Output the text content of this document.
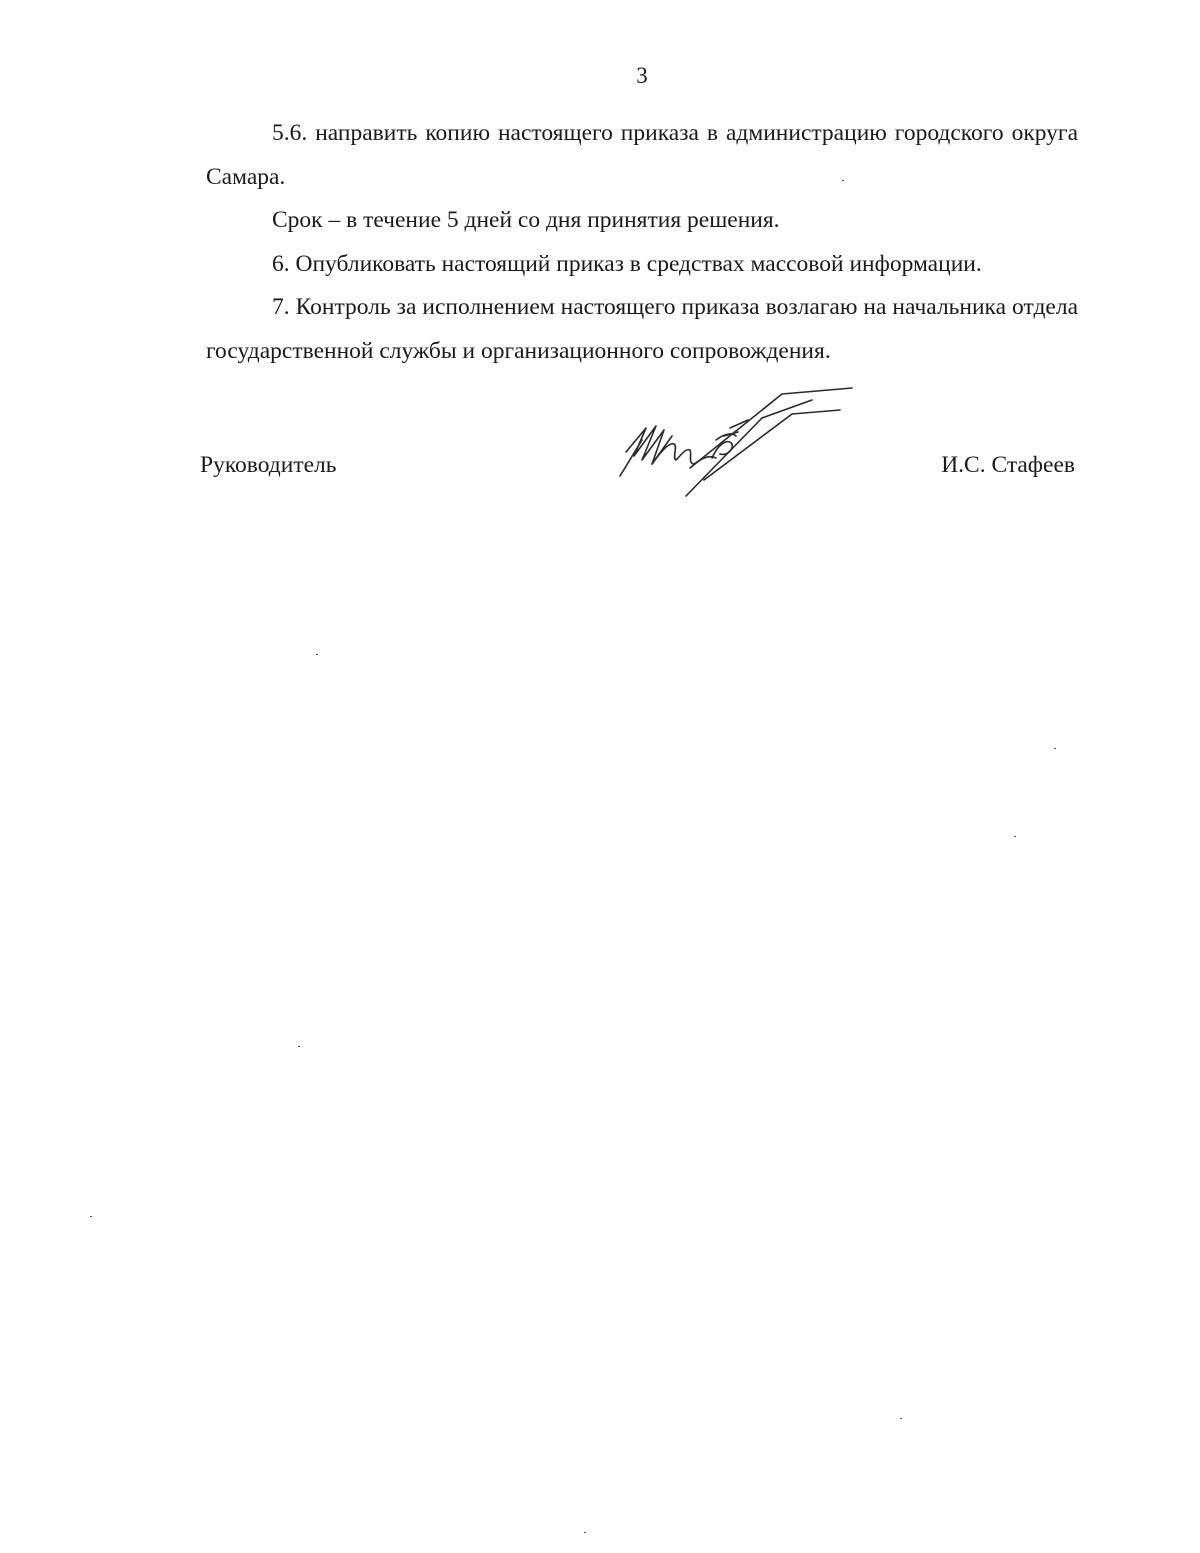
3

5.6. направить копию настоящего приказа в администрацию городского округа Самара.

Срок – в течение 5 дней со дня принятия решения.

6. Опубликовать настоящий приказ в средствах массовой информации.

7. Контроль за исполнением настоящего приказа возлагаю на начальника отдела государственной службы и организационного сопровождения.

Руководитель	И.С. Стафеев
